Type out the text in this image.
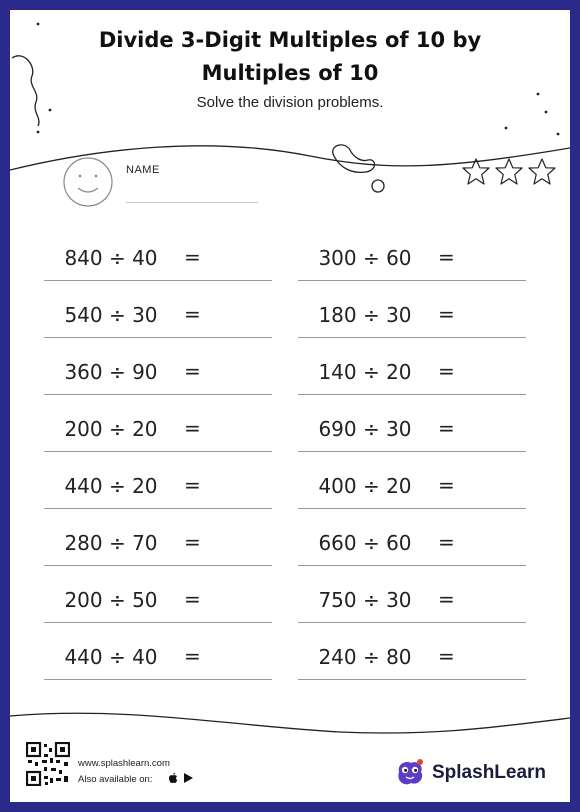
Divide 3-Digit Multiples of 10 by
Multiples of 10
Solve the division problems.
NAME
840 ÷ 40	=
540 ÷ 30	=
360 ÷ 90	=
200 ÷ 20	=
440 ÷ 20	=
280 ÷ 70	=
200 ÷ 50	=
440 ÷ 40	=
300 ÷ 60	=
180 ÷ 30	=
140 ÷ 20	=
690 ÷ 30	=
400 ÷ 20	=
660 ÷ 60	=
750 ÷ 30	=
240 ÷ 80	=
www.splashlearn.com
Also available on:	SplashLearn
